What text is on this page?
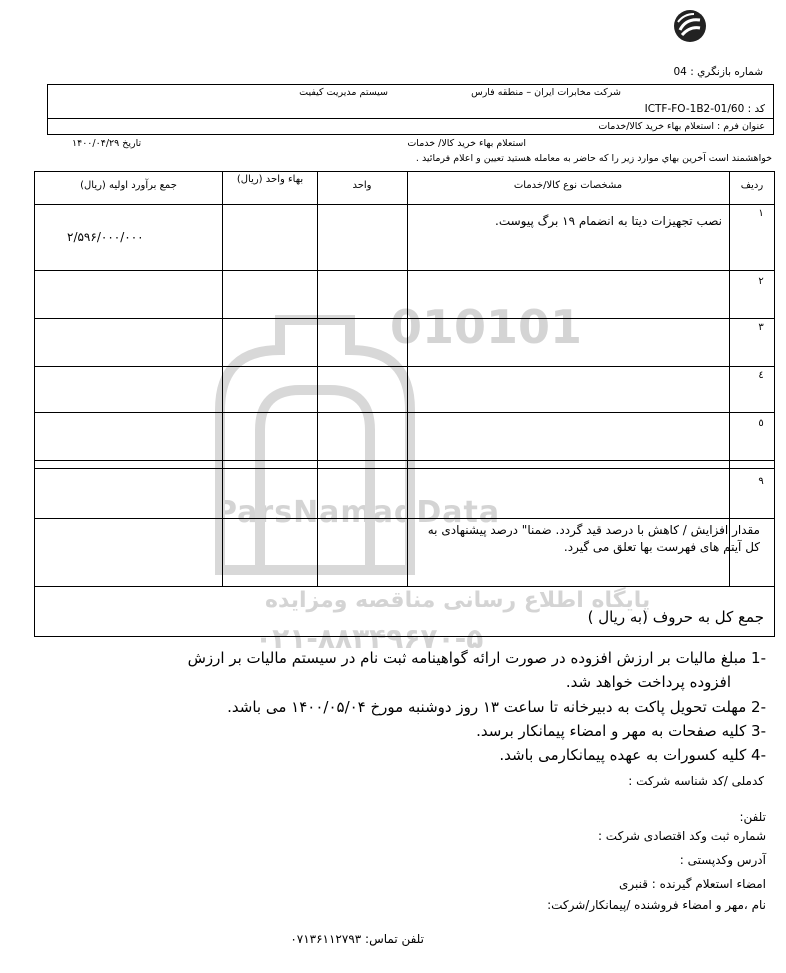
010101
ParsNamadData
پایگاه اطلاع رسانی مناقصه ومزایده
۰۲۱-۸۸۳۴۹۶۷۰-۵
شماره بازنگري : 04
شرکت مخابرات ایران – منطقه فارس
سیستم مدیریت کیفیت
کد : ICTF-FO-1B2-01/60
عنوان فرم : استعلام بهاء خرید کالا/خدمات
استعلام بهاء خرید کالا/ خدمات
تاریخ ۱۴۰۰/۰۴/۲۹
خواهشمند است آخرین بهاي موارد زیر را که حاضر به معامله هستید تعیین و اعلام فرمائید .
جمع برآورد اولیه (ریال)
بهاء واحد (ریال)
واحد	مشخصات نوع کالا/خدمات	ردیف
۱
نصب تجهیزات دیتا به انضمام ۱۹ برگ پیوست.
۲/۵۹۶/۰۰۰/۰۰۰
۲
۳
٤
٥
۹
مقدار افزایش / کاهش با درصد قید گردد. ضمنا" درصد پیشنهادی به کل آیتم های فهرست بها تعلق می گیرد.
جمع کل به حروف (به ریال )
-1 مبلغ مالیات بر ارزش افزوده در صورت ارائه گواهینامه ثبت نام در سیستم مالیات بر ارزش
افزوده پرداخت خواهد شد.
-2 مهلت تحویل پاکت به دبیرخانه تا ساعت ۱۳ روز دوشنبه مورخ ۱۴۰۰/۰۵/۰۴ می باشد.
-3 کلیه صفحات به مهر و امضاء پیمانکار برسد.
-4 کلیه کسورات به عهده پیمانکارمی باشد.
کدملی /کد شناسه شرکت :
تلفن:
شماره ثبت وکد اقتصادی شرکت :
آدرس وکدپستی :
امضاء استعلام گیرنده : قنبری
نام ،مهر و امضاء فروشنده /پیمانکار/شرکت:
تلفن تماس: ۰۷۱۳۶۱۱۲۷۹۳
